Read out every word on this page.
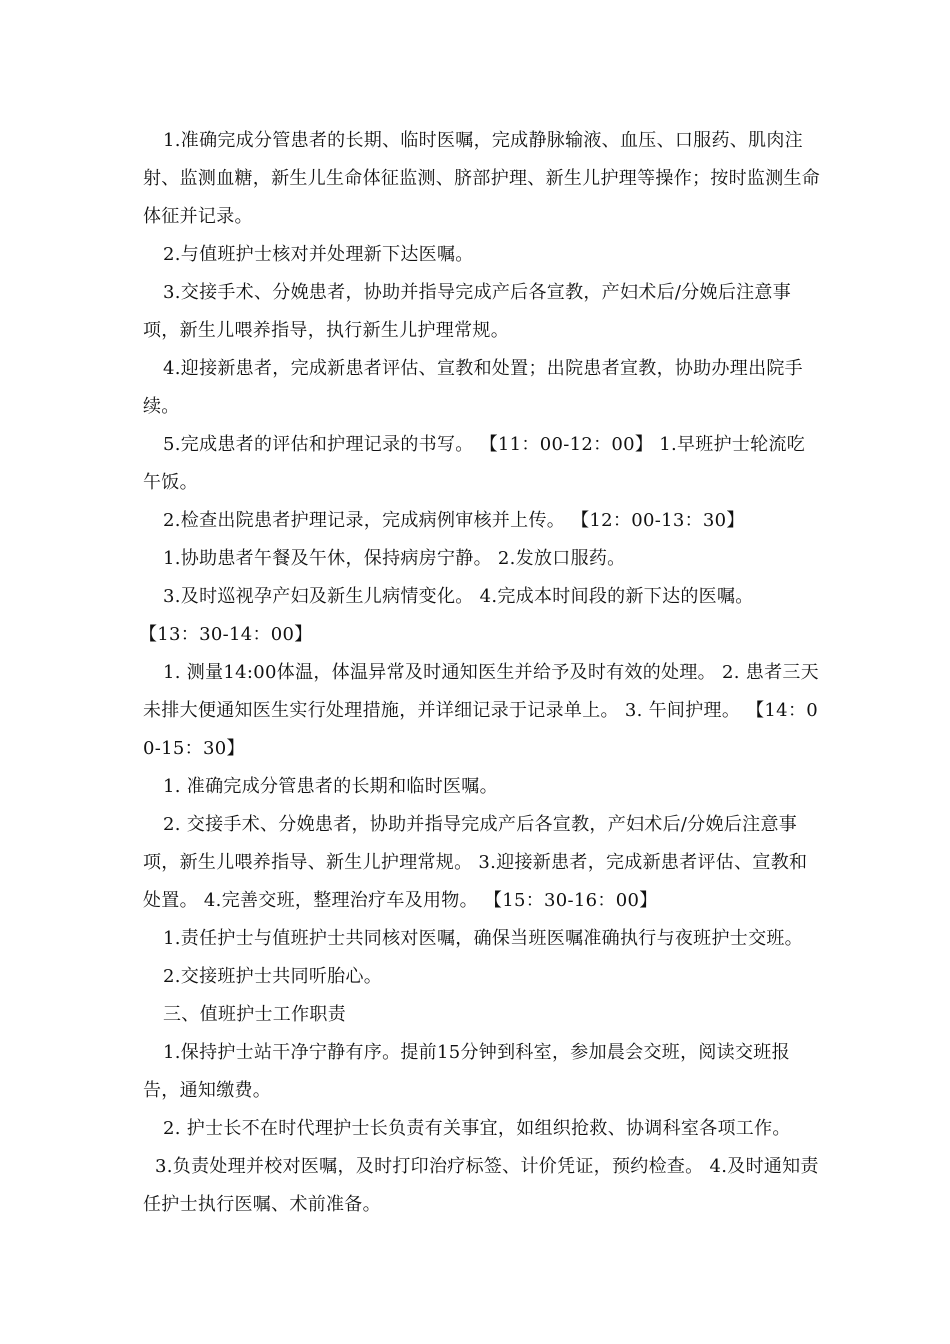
1.准确完成分管患者的长期、临时医嘱，完成静脉输液、血压、口服药、肌肉注射、监测血糖，新生儿生命体征监测、脐部护理、新生儿护理等操作；按时监测生命体征并记录。

2.与值班护士核对并处理新下达医嘱。

3.交接手术、分娩患者，协助并指导完成产后各宣教，产妇术后/分娩后注意事项，新生儿喂养指导，执行新生儿护理常规。

4.迎接新患者，完成新患者评估、宣教和处置；出院患者宣教，协助办理出院手续。

5.完成患者的评估和护理记录的书写。 【11：00-12：00】 1.早班护士轮流吃午饭。

2.检查出院患者护理记录，完成病例审核并上传。 【12：00-13：30】

1.协助患者午餐及午休，保持病房宁静。 2.发放口服药。

3.及时巡视孕产妇及新生儿病情变化。 4.完成本时间段的新下达的医嘱。

【13：30-14：00】

1. 测量14:00体温，体温异常及时通知医生并给予及时有效的处理。 2. 患者三天未排大便通知医生实行处理措施，并详细记录于记录单上。 3. 午间护理。 【14：00-15：30】

1. 准确完成分管患者的长期和临时医嘱。

2. 交接手术、分娩患者，协助并指导完成产后各宣教，产妇术后/分娩后注意事项，新生儿喂养指导、新生儿护理常规。 3.迎接新患者，完成新患者评估、宣教和处置。 4.完善交班，整理治疗车及用物。 【15：30-16：00】

1.责任护士与值班护士共同核对医嘱，确保当班医嘱准确执行与夜班护士交班。

2.交接班护士共同听胎心。

三、值班护士工作职责

1.保持护士站干净宁静有序。提前15分钟到科室，参加晨会交班，阅读交班报告，通知缴费。

2. 护士长不在时代理护士长负责有关事宜，如组织抢救、协调科室各项工作。

3.负责处理并校对医嘱，及时打印治疗标签、计价凭证，预约检查。 4.及时通知责任护士执行医嘱、术前准备。
